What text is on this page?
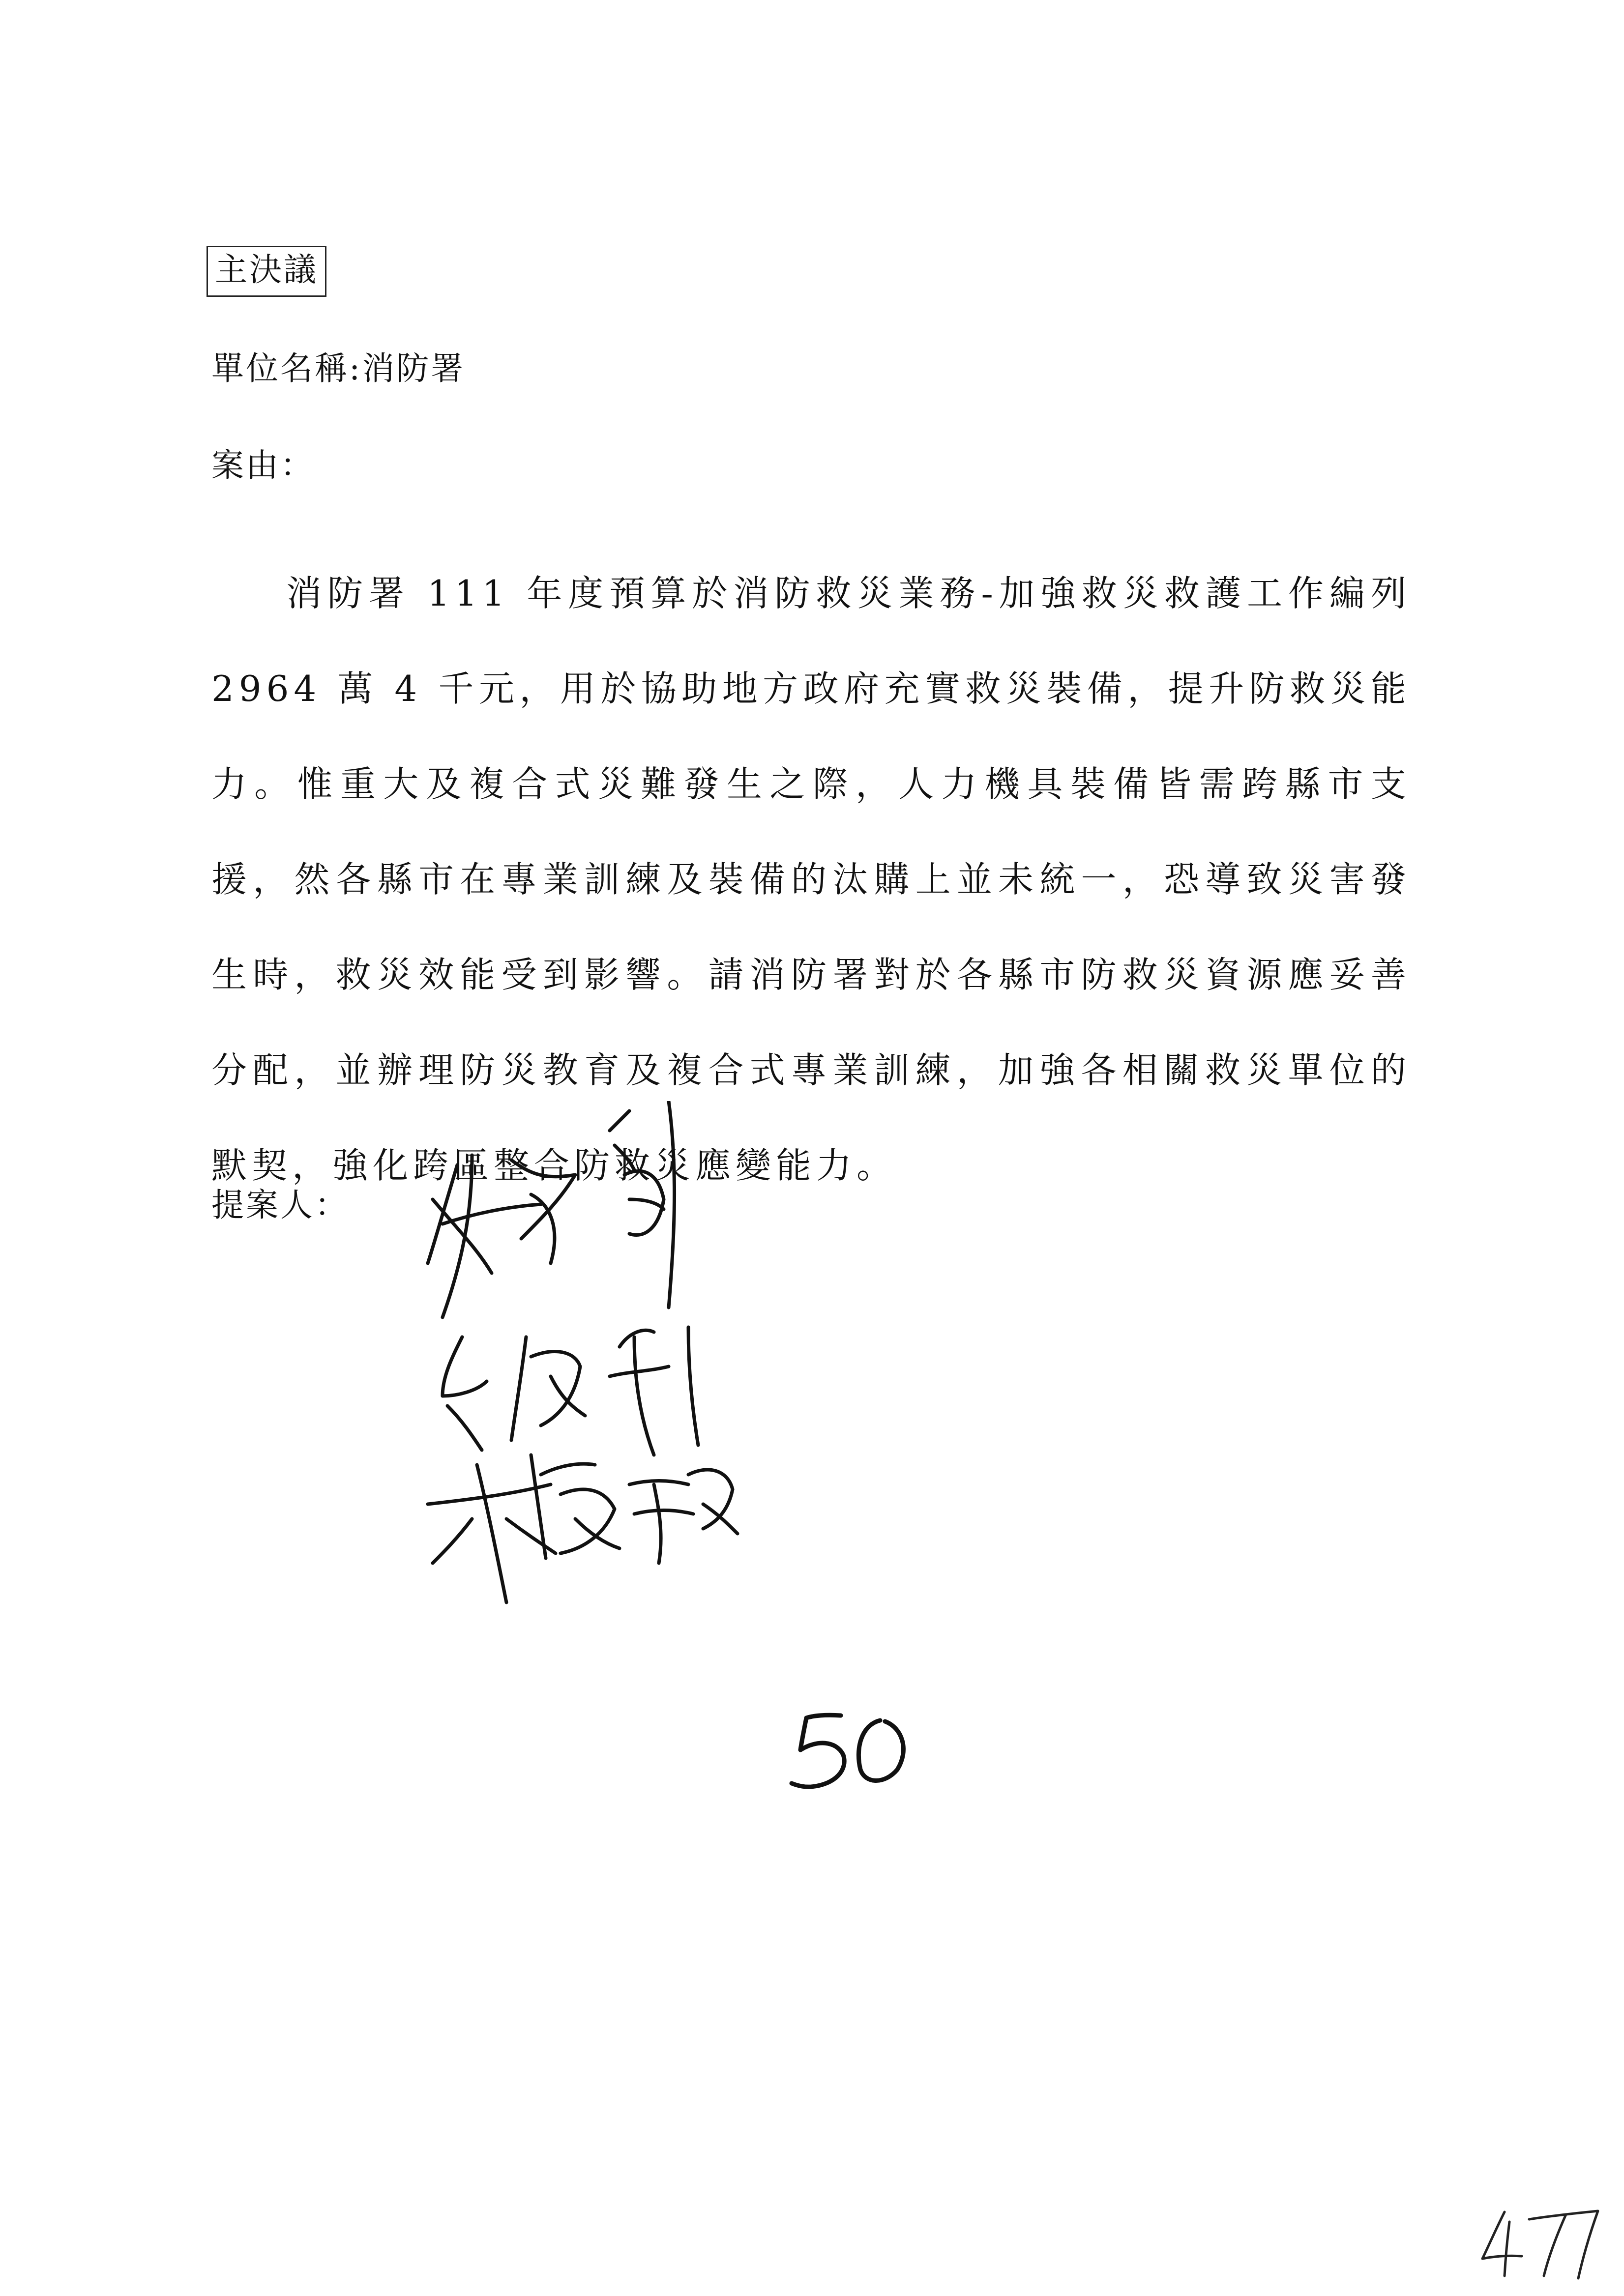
主決議
單位名稱:消防署
案由：
消防署 111 年度預算於消防救災業務-加強救災救護工作編列 2964 萬 4 千元，用於協助地方政府充實救災裝備，提升防救災能力。惟重大及複合式災難發生之際，人力機具裝備皆需跨縣市支援，然各縣市在專業訓練及裝備的汰購上並未統一，恐導致災害發生時，救災效能受到影響。請消防署對於各縣市防救災資源應妥善分配，並辦理防災教育及複合式專業訓練，加強各相關救災單位的默契，強化跨區整合防救災應變能力。
提案人：
